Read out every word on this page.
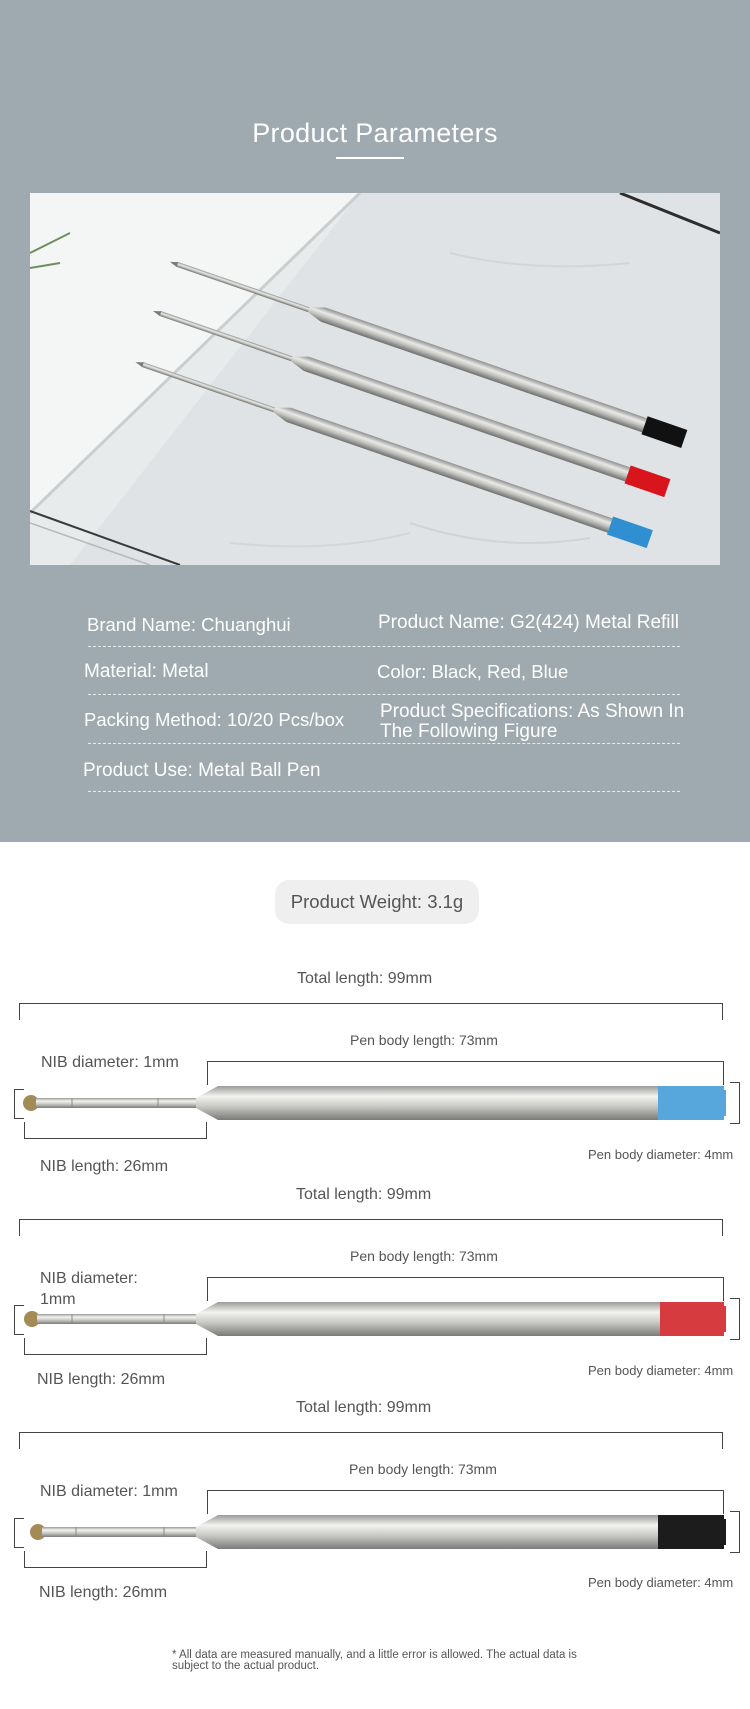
Product Parameters
Brand Name: Chuanghui	Product Name: G2(424) Metal Refill
Material: Metal	Color: Black, Red, Blue
Packing Method: 10/20 Pcs/box Product Specifications: As Shown In
The Following Figure
Product Use: Metal Ball Pen
Product Weight: 3.1g
Total length: 99mm
Pen body length: 73mm
NIB diameter: 1mm
NIB length: 26mm
Pen body diameter: 4mm
Total length: 99mm
Pen body length: 73mm
NIB diameter:
1mm
NIB length: 26mm
Pen body diameter: 4mm
Total length: 99mm
Pen body length: 73mm
NIB diameter: 1mm
NIB length: 26mm
Pen body diameter: 4mm
* All data are measured manually, and a little error is allowed. The actual data is subject to the actual product.
